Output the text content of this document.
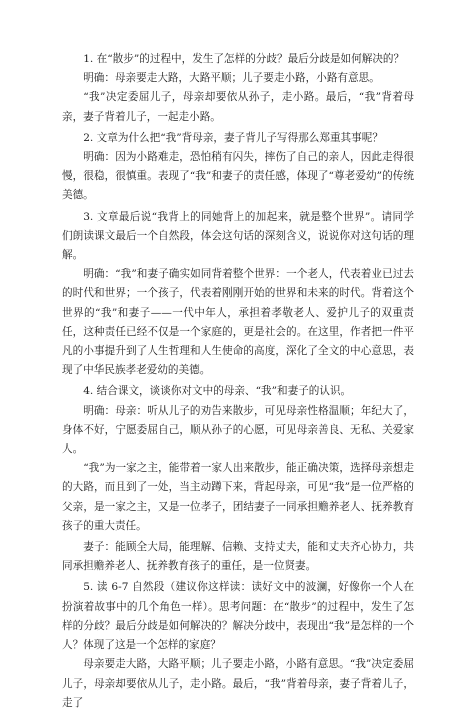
1. 在“散步”的过程中，发生了怎样的分歧？最后分歧是如何解决的？

明确：母亲要走大路，大路平顺；儿子要走小路，小路有意思。

“我”决定委屈儿子，母亲却要依从孙子，走小路。最后，“我”背着母亲，妻子背着儿子，一起走小路。

2. 文章为什么把“我”背母亲，妻子背儿子写得那么郑重其事呢？

明确：因为小路难走，恐怕稍有闪失，摔伤了自己的亲人，因此走得很慢，很稳，很慎重。表现了“我”和妻子的责任感，体现了“尊老爱幼”的传统美德。

3. 文章最后说“我背上的同她背上的加起来，就是整个世界”。请同学们朗读课文最后一个自然段，体会这句话的深刻含义，说说你对这句话的理解。

明确：“我”和妻子确实如同背着整个世界：一个老人，代表着业已过去的时代和世界；一个孩子，代表着刚刚开始的世界和未来的时代。背着这个世界的“我”和妻子——一代中年人，承担着孝敬老人、爱护儿子的双重责任，这种责任已经不仅是一个家庭的，更是社会的。在这里，作者把一件平凡的小事提升到了人生哲理和人生使命的高度，深化了全文的中心意思，表现了中华民族孝老爱幼的美德。

4. 结合课文，谈谈你对文中的母亲、“我”和妻子的认识。

明确：母亲：听从儿子的劝告来散步，可见母亲性格温顺；年纪大了，身体不好，宁愿委屈自己，顺从孙子的心愿，可见母亲善良、无私、关爱家人。

“我”为一家之主，能带着一家人出来散步，能正确决策，选择母亲想走的大路，而且到了一处，当主动蹲下来，背起母亲，可见“我”是一位严格的父亲，是一家之主，又是一位孝子，团结妻子一同承担赡养老人、抚养教育孩子的重大责任。

妻子：能顾全大局，能理解、信赖、支持丈夫，能和丈夫齐心协力，共同承担赡养老人、抚养教育孩子的重任，是一位贤妻。

5. 读 6-7 自然段（建议你这样读：读好文中的波澜，好像你一个人在扮演着故事中的几个角色一样）。思考问题：在“散步”的过程中，发生了怎样的分歧？最后分歧是如何解决的？解决分歧中，表现出“我”是怎样的一个人？体现了这是一个怎样的家庭？

母亲要走大路，大路平顺；儿子要走小路，小路有意思。“我”决定委屈儿子，母亲却要依从儿子，走小路。最后，“我”背着母亲，妻子背着儿子，走了
